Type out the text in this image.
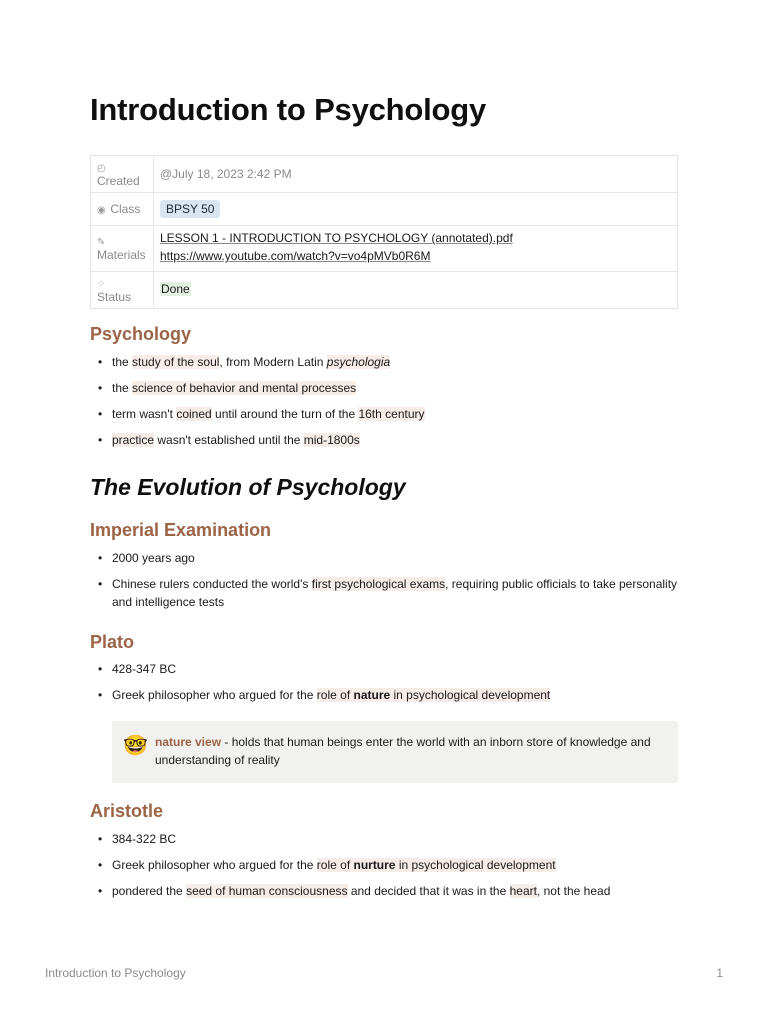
Introduction to Psychology
◴
Created	@July 18, 2023 2:42 PM
◉ Class	BPSY 50
✎
Materials	LESSON 1 - INTRODUCTION TO PSYCHOLOGY (annotated).pdf  https://www.youtube.com/watch?v=vo4pMVb0R6M
⁘
Status	Done
Psychology
• the study of the soul, from Modern Latin psychologia
• the science of behavior and mental processes
• term wasn't coined until around the turn of the 16th century
• practice wasn't established until the mid-1800s
The Evolution of Psychology
Imperial Examination
• 2000 years ago
• Chinese rulers conducted the world's first psychological exams, requiring public officials to take personality and intelligence tests
Plato
• 428-347 BC
• Greek philosopher who argued for the role of nature in psychological development
🤓 nature view - holds that human beings enter the world with an inborn store of knowledge and understanding of reality
Aristotle
• 384-322 BC
• Greek philosopher who argued for the role of nurture in psychological development
• pondered the seed of human consciousness and decided that it was in the heart, not the head
Introduction to Psychology	1
